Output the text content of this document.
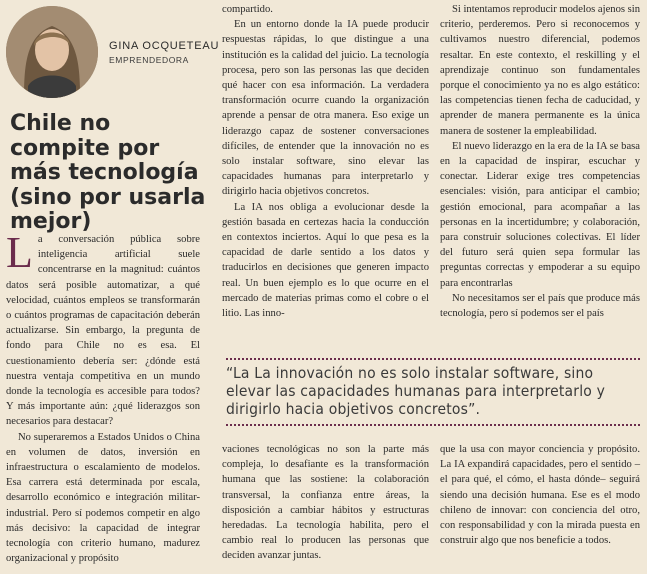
GINA OCQUETEAU
EMPRENDEDORA
Chile no compite por más tecnología (sino por usarla mejor)

La conversación pública sobre inteligencia artificial suele concentrarse en la magnitud: cuántos datos será posible automatizar, a qué velocidad, cuántos empleos se transformarán o cuántos programas de capacitación deberán actualizarse. Sin embargo, la pregunta de fondo para Chile no es esa. El cuestionamiento debería ser: ¿dónde está nuestra ventaja competitiva en un mundo donde la tecnología es accesible para todos? Y más importante aún: ¿qué liderazgos son necesarios para destacar?

No superaremos a Estados Unidos o China en volumen de datos, inversión en infraestructura o escalamiento de modelos. Esa carrera está determinada por escala, desarrollo económico e integración militar-industrial. Pero sí podemos competir en algo más decisivo: la capacidad de integrar tecnología con criterio humano, madurez organizacional y propósito

compartido.

En un entorno donde la IA puede producir respuestas rápidas, lo que distingue a una institución es la calidad del juicio. La tecnología procesa, pero son las personas las que deciden qué hacer con esa información. La verdadera transformación ocurre cuando la organización aprende a pensar de otra manera. Eso exige un liderazgo capaz de sostener conversaciones difíciles, de entender que la innovación no es solo instalar software, sino elevar las capacidades humanas para interpretarlo y dirigirlo hacia objetivos concretos.

La IA nos obliga a evolucionar desde la gestión basada en certezas hacia la conducción en contextos inciertos. Aquí lo que pesa es la capacidad de darle sentido a los datos y traducirlos en decisiones que generen impacto real. Un buen ejemplo es lo que ocurre en el mercado de materias primas como el cobre o el litio. Las inno-

Si intentamos reproducir modelos ajenos sin criterio, perderemos. Pero si reconocemos y cultivamos nuestro diferencial, podemos resaltar. En este contexto, el reskilling y el aprendizaje continuo son fundamentales porque el conocimiento ya no es algo estático: las competencias tienen fecha de caducidad, y aprender de manera permanente es la única manera de sostener la empleabilidad.

El nuevo liderazgo en la era de la IA se basa en la capacidad de inspirar, escuchar y conectar. Liderar exige tres competencias esenciales: visión, para anticipar el cambio; gestión emocional, para acompañar a las personas en la incertidumbre; y colaboración, para construir soluciones colectivas. El líder del futuro será quien sepa formular las preguntas correctas y empoderar a su equipo para encontrarlas

No necesitamos ser el país que produce más tecnología, pero sí podemos ser el país

“La La innovación no es solo instalar software, sino elevar las capacidades humanas para interpretarlo y dirigirlo hacia objetivos concretos”.

vaciones tecnológicas no son la parte más compleja, lo desafiante es la transformación humana que las sostiene: la colaboración transversal, la confianza entre áreas, la disposición a cambiar hábitos y estructuras heredadas. La tecnología habilita, pero el cambio real lo producen las personas que deciden avanzar juntas.

que la usa con mayor conciencia y propósito. La IA expandirá capacidades, pero el sentido –el para qué, el cómo, el hasta dónde– seguirá siendo una decisión humana. Ese es el modo chileno de innovar: con conciencia del otro, con responsabilidad y con la mirada puesta en construir algo que nos beneficie a todos.
